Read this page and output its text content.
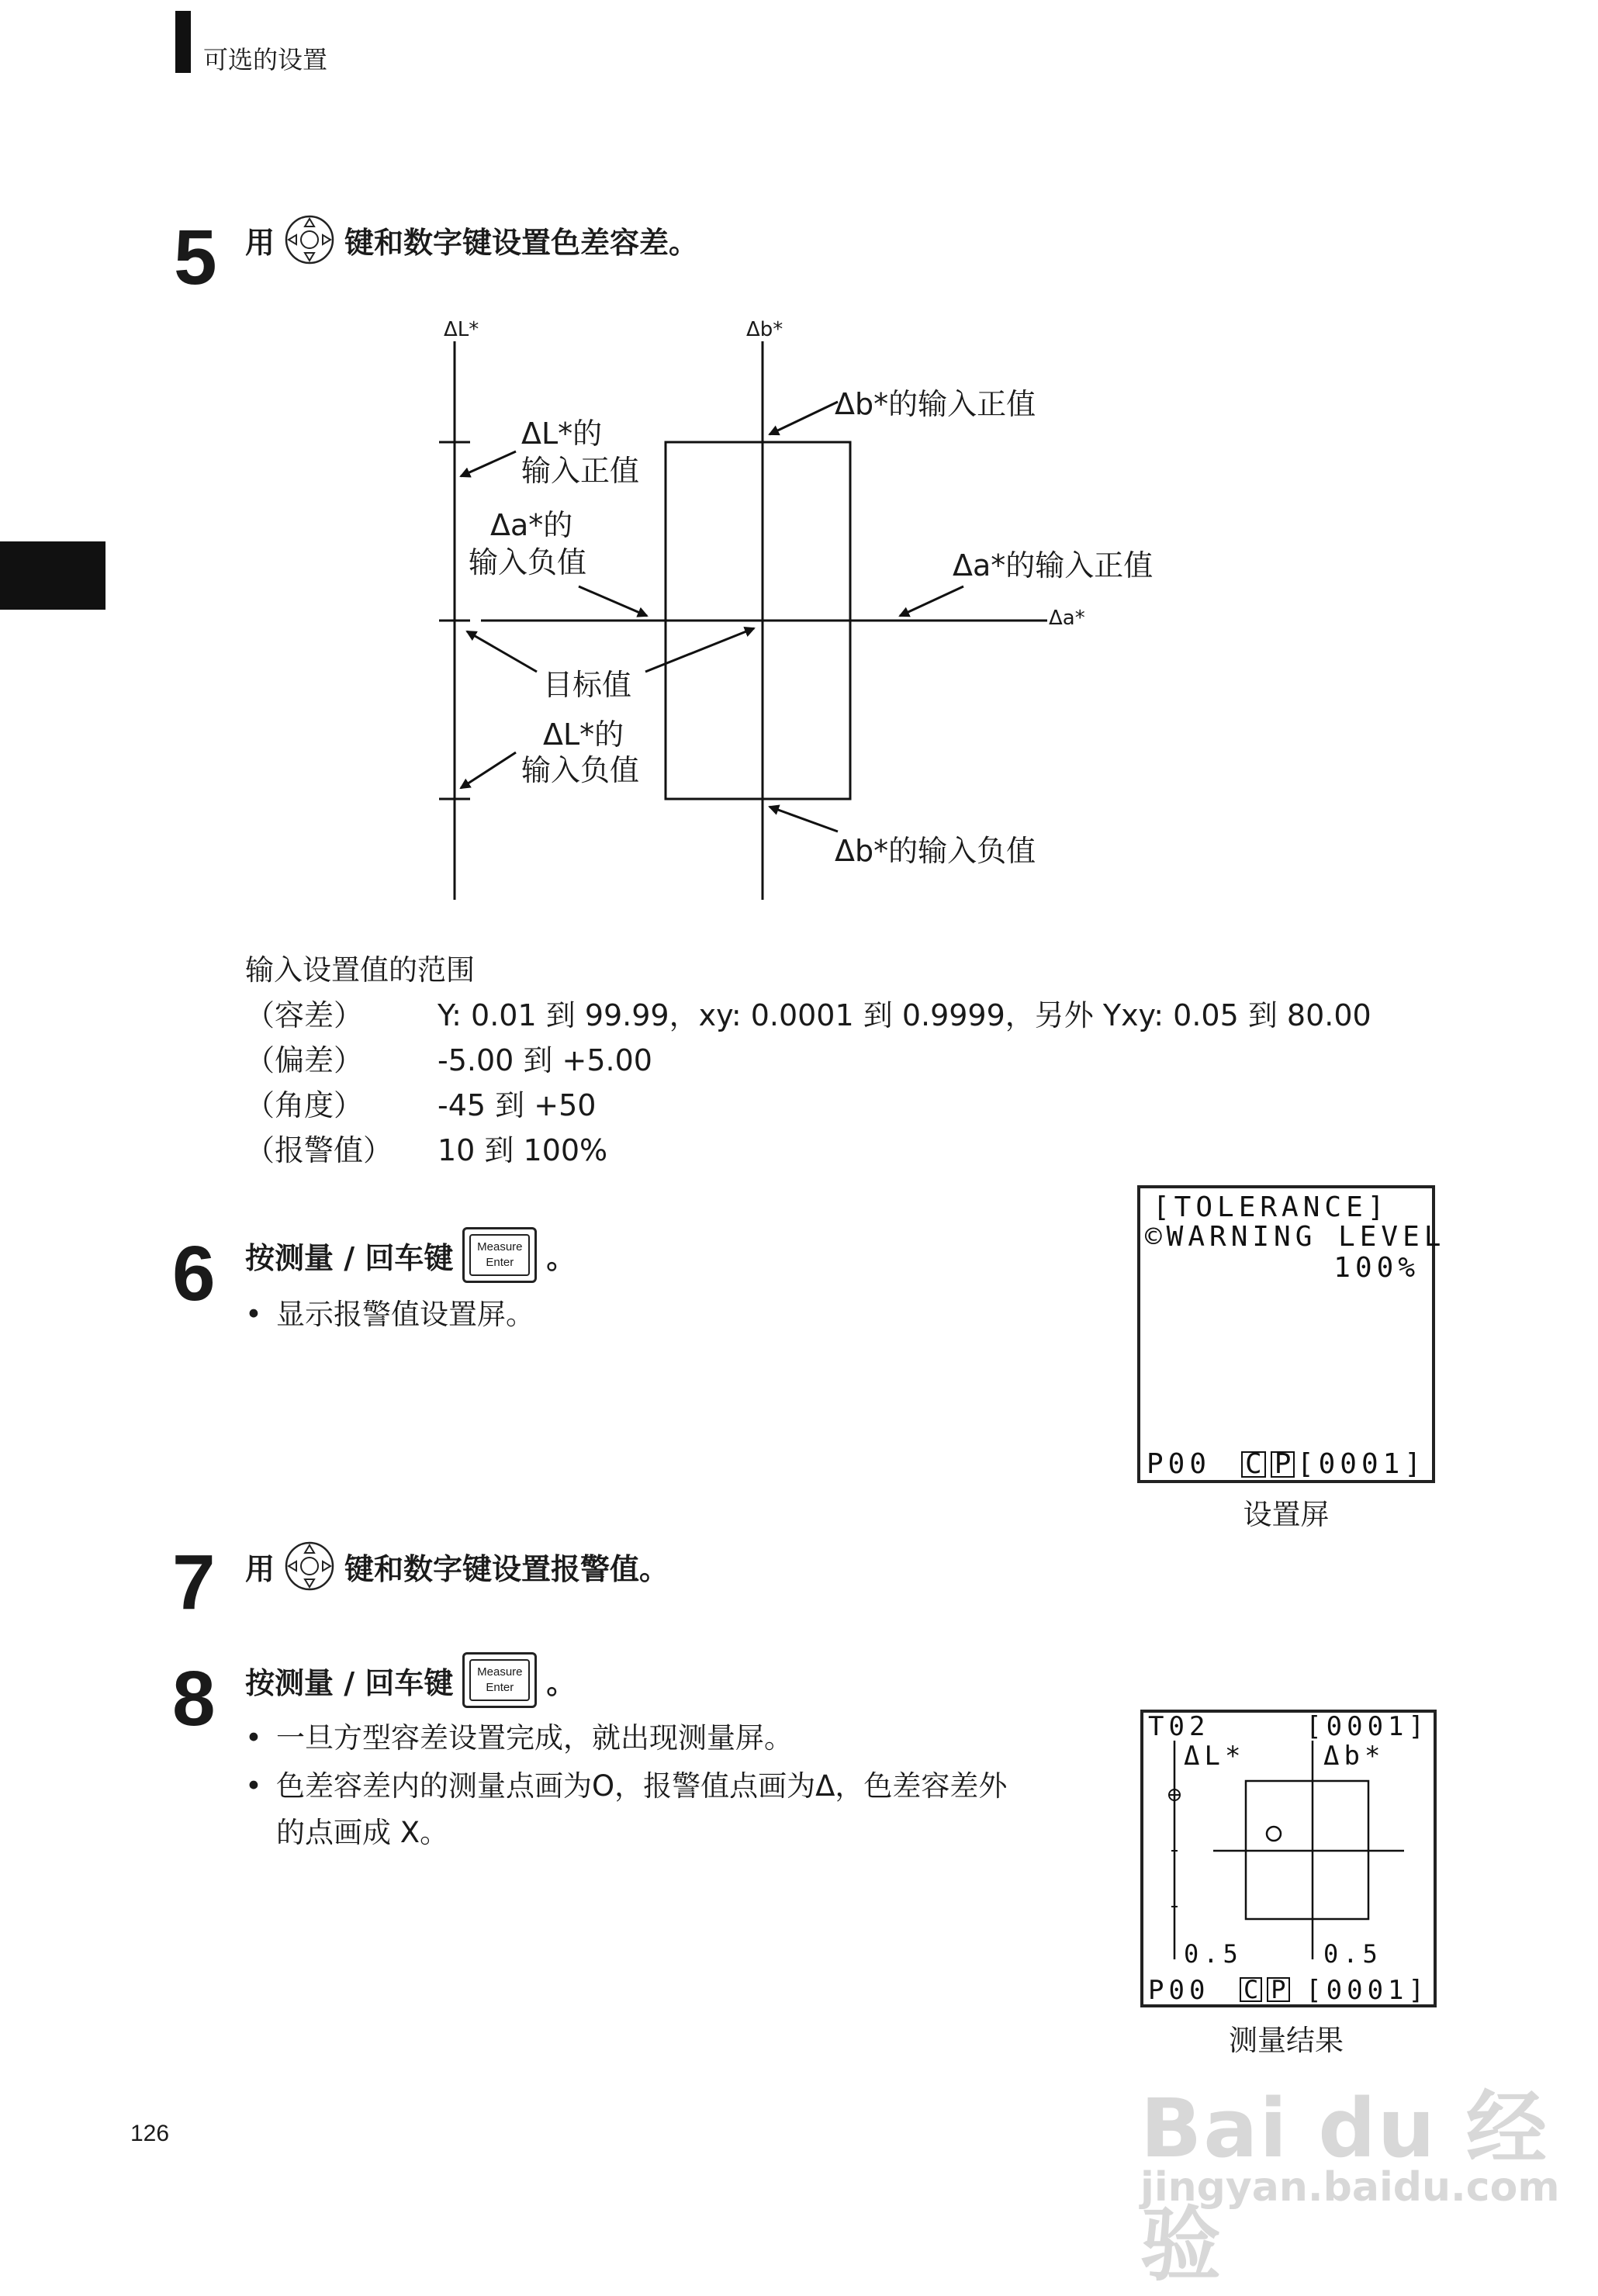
可选的设置
5 用 键和数字键设置色差容差。
ΔL*	Δb*
Δa*
Δb*的输入正值
ΔL*的
输入正值
Δa*的
输入负值	Δa*的输入正值
目标值
ΔL*的
输入负值
Δb*的输入负值
输入设置值的范围
（容差）	Y: 0.01 到 99.99，xy: 0.0001 到 0.9999，另外 Yxy: 0.05 到 80.00
（偏差）	-5.00 到 +5.00
（角度）	-45 到 +50
（报警值）	10 到 100%
6 按测量 / 回车键 Measure
Enter 。
• 显示报警值设置屏。
[TOLERANCE]
©WARNING LEVEL
100%
P00 C P [0001]
设置屏
7 用 键和数字键设置报警值。
8 按测量 / 回车键 Measure
Enter 。
• 一旦方型容差设置完成，就出现测量屏。
• 色差容差内的测量点画为O，报警值点画为Δ，色差容差外
的点画成 X。
T02	[0001]
ΔL*	Δb*
0.5	0.5
P00 C P [0001]
测量结果
126	Bai du 经验
jingyan.baidu.com
